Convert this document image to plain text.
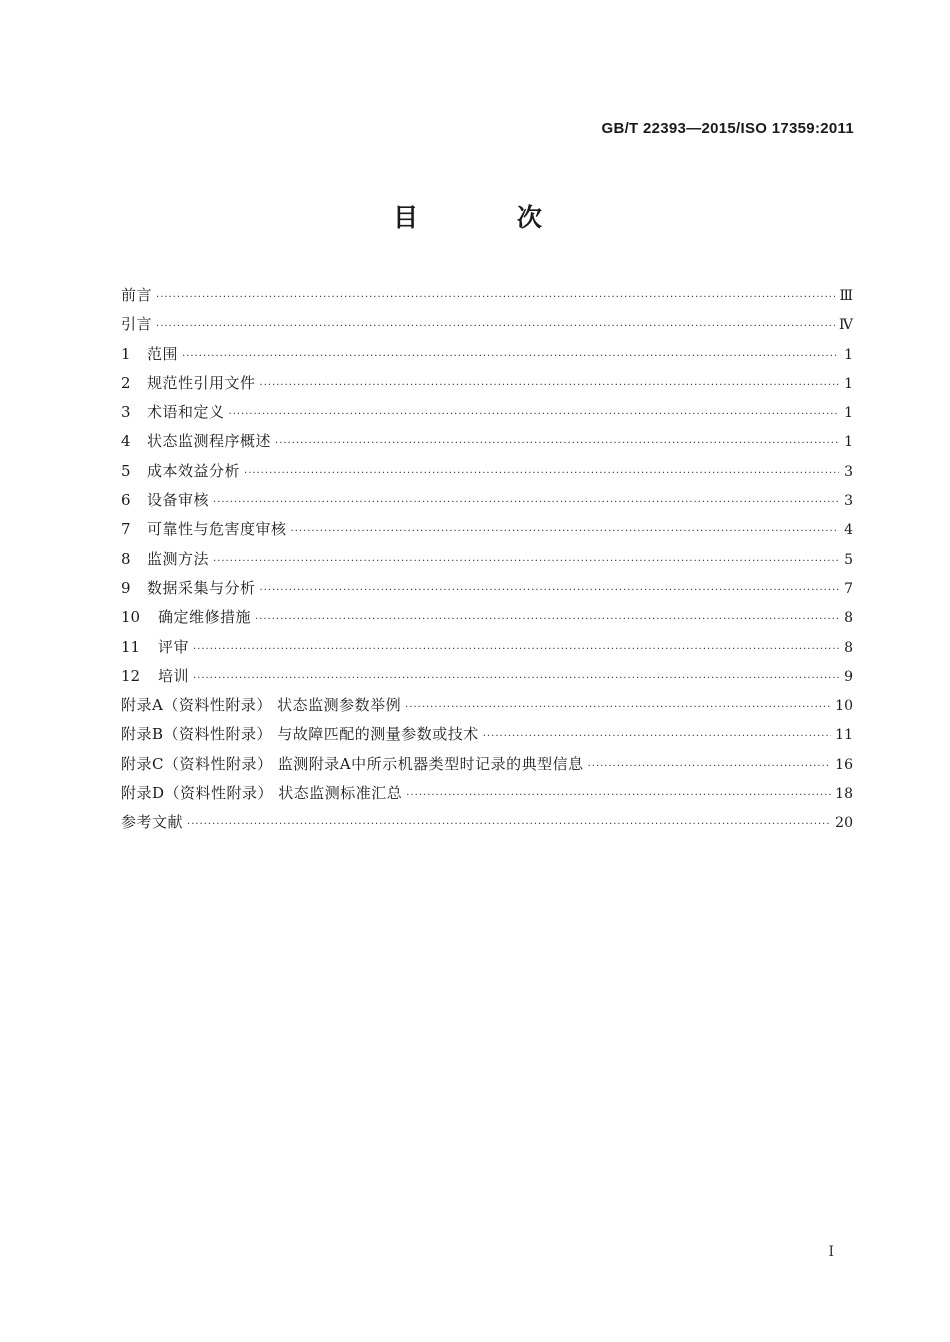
GB/T 22393—2015/ISO 17359:2011
目 次
前言 ·····	Ⅲ
引言 ·····	Ⅳ
1	范围 ·····	1
2	规范性引用文件 ·····	1
3	术语和定义 ·····	1
4	状态监测程序概述 ·····	1
5	成本效益分析 ·····	3
6	设备审核 ·····	3
7	可靠性与危害度审核 ·····	4
8	监测方法 ·····	5
9	数据采集与分析 ·····	7
10	确定维修措施 ·····	8
11	评审 ·····	8
12	培训 ·····	9
附录A（资料性附录） 状态监测参数举例 ·····	10
附录B（资料性附录） 与故障匹配的测量参数或技术 ·····	11
附录C（资料性附录） 监测附录A中所示机器类型时记录的典型信息 ·····	16
附录D（资料性附录） 状态监测标准汇总 ·····	18
参考文献 ·····	20
I
